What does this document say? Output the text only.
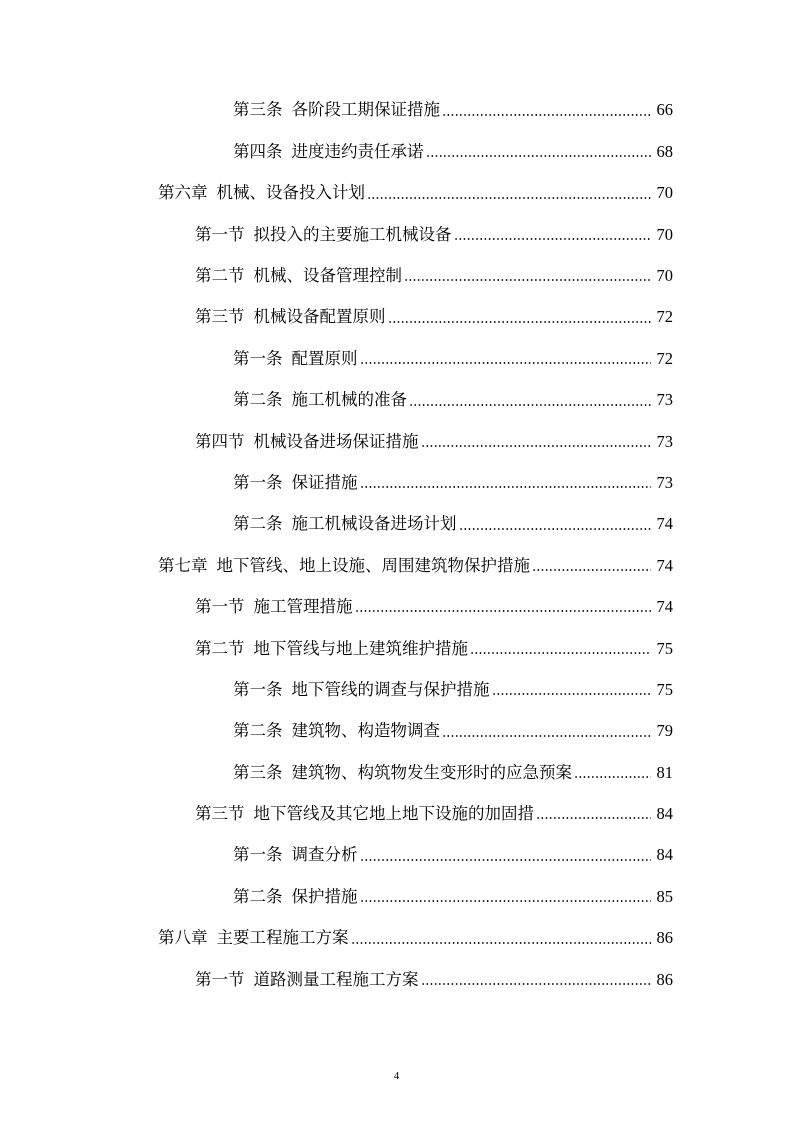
第三条 各阶段工期保证措施	66
第四条 进度违约责任承诺	68
第六章 机械、设备投入计划	70
第一节 拟投入的主要施工机械设备	70
第二节 机械、设备管理控制	70
第三节 机械设备配置原则	72
第一条 配置原则	72
第二条 施工机械的准备	73
第四节 机械设备进场保证措施	73
第一条 保证措施	73
第二条 施工机械设备进场计划	74
第七章 地下管线、地上设施、周围建筑物保护措施	74
第一节 施工管理措施	74
第二节 地下管线与地上建筑维护措施	75
第一条 地下管线的调查与保护措施	75
第二条 建筑物、构造物调查	79
第三条 建筑物、构筑物发生变形时的应急预案	81
第三节 地下管线及其它地上地下设施的加固措	84
第一条 调查分析	84
第二条 保护措施	85
第八章 主要工程施工方案	86
第一节 道路测量工程施工方案	86
4
